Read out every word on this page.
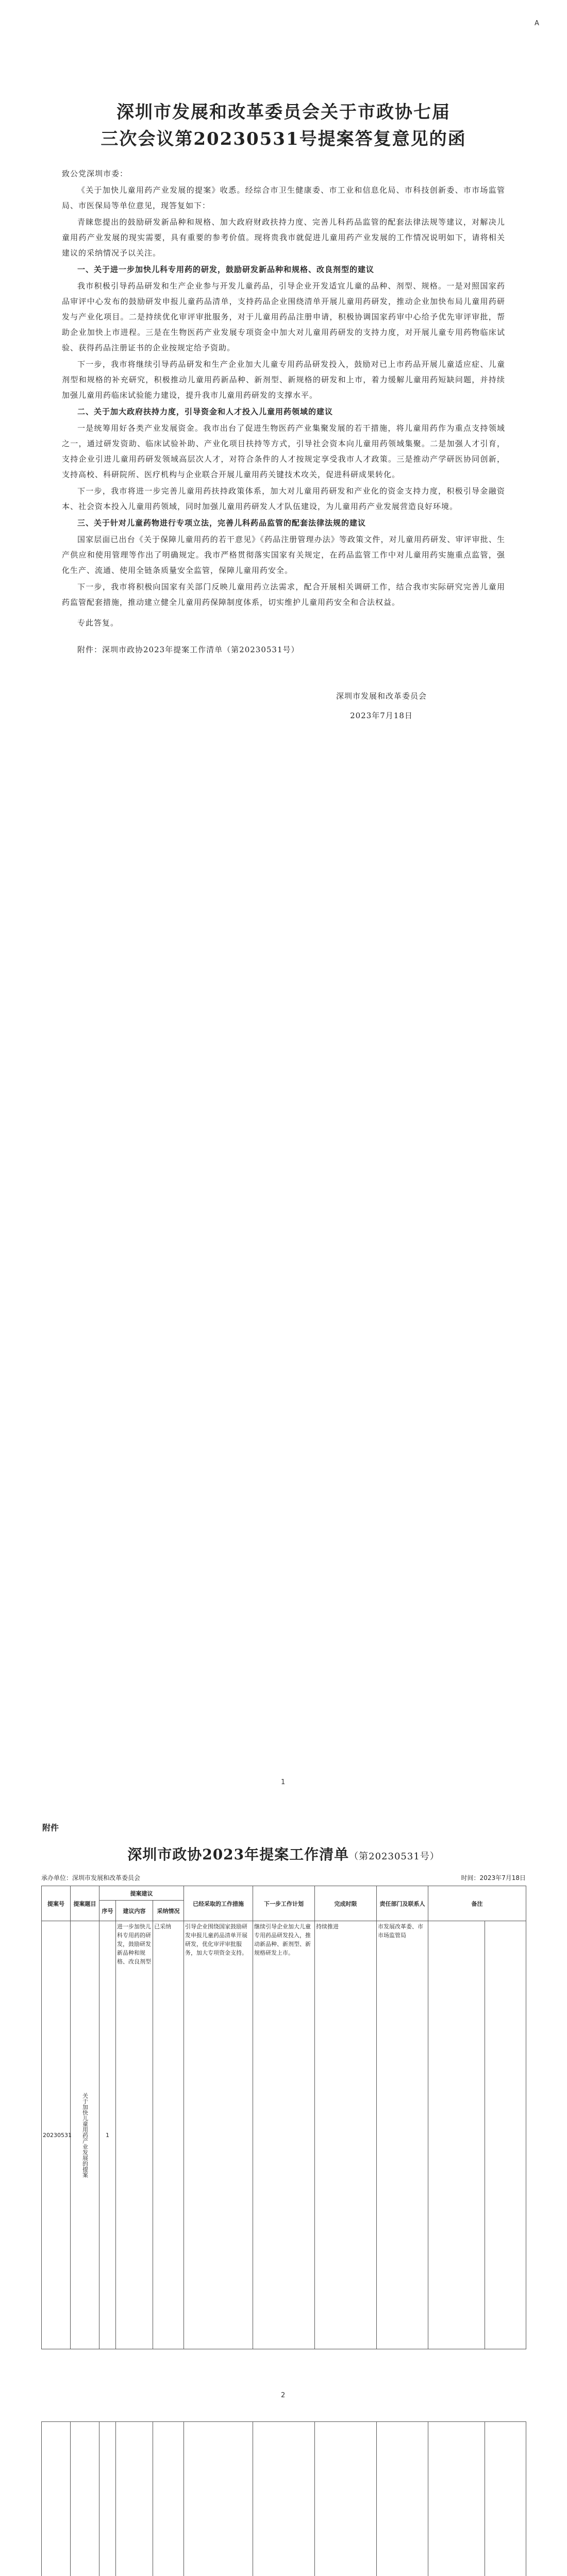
A
深圳市发展和改革委员会关于市政协七届
三次会议第20230531号提案答复意见的函

致公党深圳市委：

《关于加快儿童用药产业发展的提案》收悉。经综合市卫生健康委、市工业和信息化局、市科技创新委、市市场监管局、市医保局等单位意见，现答复如下：

青睐您提出的鼓励研发新品种和规格、加大政府财政扶持力度、完善儿科药品监管的配套法律法规等建议，对解决儿童用药产业发展的现实需要，具有重要的参考价值。现将贵我市就促进儿童用药产业发展的工作情况说明如下，请将相关建议的采纳情况予以关注。

一、关于进一步加快儿科专用药的研发，鼓励研发新品种和规格、改良剂型的建议

我市积极引导药品研发和生产企业参与开发儿童药品，引导企业开发适宜儿童的品种、剂型、规格。一是对照国家药品审评中心发布的鼓励研发申报儿童药品清单，支持药品企业围绕清单开展儿童用药研发，推动企业加快布局儿童用药研发与产业化项目。二是持续优化审评审批服务，对于儿童用药品注册申请，积极协调国家药审中心给予优先审评审批，帮助企业加快上市进程。三是在生物医药产业发展专项资金中加大对儿童用药研发的支持力度，对开展儿童专用药物临床试验、获得药品注册证书的企业按规定给予资助。

下一步，我市将继续引导药品研发和生产企业加大儿童专用药品研发投入，鼓励对已上市药品开展儿童适应症、儿童剂型和规格的补充研究，积极推动儿童用药新品种、新剂型、新规格的研发和上市，着力缓解儿童用药短缺问题，并持续加强儿童用药临床试验能力建设，提升我市儿童用药研发的支撑水平。

二、关于加大政府扶持力度，引导资金和人才投入儿童用药领域的建议

一是统筹用好各类产业发展资金。我市出台了促进生物医药产业集聚发展的若干措施，将儿童用药作为重点支持领域之一，通过研发资助、临床试验补助、产业化项目扶持等方式，引导社会资本向儿童用药领域集聚。二是加强人才引育，支持企业引进儿童用药研发领域高层次人才，对符合条件的人才按规定享受我市人才政策。三是推动产学研医协同创新，支持高校、科研院所、医疗机构与企业联合开展儿童用药关键技术攻关，促进科研成果转化。

下一步，我市将进一步完善儿童用药扶持政策体系，加大对儿童用药研发和产业化的资金支持力度，积极引导金融资本、社会资本投入儿童用药领域，同时加强儿童用药研发人才队伍建设，为儿童用药产业发展营造良好环境。

三、关于针对儿童药物进行专项立法，完善儿科药品监管的配套法律法规的建议

国家层面已出台《关于保障儿童用药的若干意见》《药品注册管理办法》等政策文件，对儿童用药研发、审评审批、生产供应和使用管理等作出了明确规定。我市严格贯彻落实国家有关规定，在药品监管工作中对儿童用药实施重点监管，强化生产、流通、使用全链条质量安全监管，保障儿童用药安全。

下一步，我市将积极向国家有关部门反映儿童用药立法需求，配合开展相关调研工作，结合我市实际研究完善儿童用药监管配套措施，推动建立健全儿童用药保障制度体系，切实维护儿童用药安全和合法权益。

专此答复。

附件：深圳市政协2023年提案工作清单（第20230531号）

深圳市发展和改革委员会
2023年7月18日
1
附件
深圳市政协2023年提案工作清单（第20230531号）
承办单位：深圳市发展和改革委员会	时间：2023年7月18日
提案号	提案题目	提案建议			已经采取的工作措施	下一步工作计划	完成时限	责任部门及联系人	备注	
		序号	建议内容	采纳情况						
20230531	关于加快儿童用药产业发展的提案	1	进一步加快儿科专用药的研发，鼓励研发新品种和规格、改良剂型	已采纳	引导企业围绕国家鼓励研发申报儿童药品清单开展研发，优化审评审批服务，加大专项资金支持。	继续引导企业加大儿童专用药品研发投入，推动新品种、新剂型、新规格研发上市。	持续推进	市发展改革委、市市场监管局		
2
